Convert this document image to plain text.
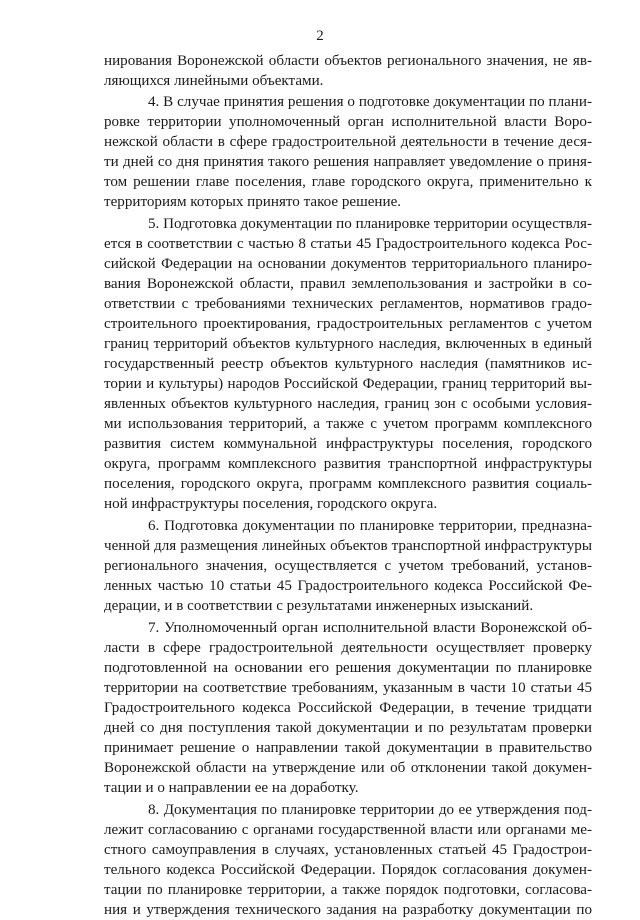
2
нирования Воронежской области объектов регионального значения, не яв-
ляющихся линейными объектами.
4. В случае принятия решения о подготовке документации по плани-
ровке территории уполномоченный орган исполнительной власти Воро-
нежской области в сфере градостроительной деятельности в течение деся-
ти дней со дня принятия такого решения направляет уведомление о приня-
том решении главе поселения, главе городского округа, применительно к
территориям которых принято такое решение.
5. Подготовка документации по планировке территории осуществля-
ется в соответствии с частью 8 статьи 45 Градостроительного кодекса Рос-
сийской Федерации на основании документов территориального планиро-
вания Воронежской области, правил землепользования и застройки в со-
ответствии с требованиями технических регламентов, нормативов градо-
строительного проектирования, градостроительных регламентов с учетом
границ территорий объектов культурного наследия, включенных в единый
государственный реестр объектов культурного наследия (памятников ис-
тории и культуры) народов Российской Федерации, границ территорий вы-
явленных объектов культурного наследия, границ зон с особыми условия-
ми использования территорий, а также с учетом программ комплексного
развития систем коммунальной инфраструктуры поселения, городского
округа, программ комплексного развития транспортной инфраструктуры
поселения, городского округа, программ комплексного развития социаль-
ной инфраструктуры поселения, городского округа.
6. Подготовка документации по планировке территории, предназна-
ченной для размещения линейных объектов транспортной инфраструктуры
регионального значения, осуществляется с учетом требований, установ-
ленных частью 10 статьи 45 Градостроительного кодекса Российской Фе-
дерации, и в соответствии с результатами инженерных изысканий.
7. Уполномоченный орган исполнительной власти Воронежской об-
ласти в сфере градостроительной деятельности осуществляет проверку
подготовленной на основании его решения документации по планировке
территории на соответствие требованиям, указанным в части 10 статьи 45
Градостроительного кодекса Российской Федерации, в течение тридцати
дней со дня поступления такой документации и по результатам проверки
принимает решение о направлении такой документации в правительство
Воронежской области на утверждение или об отклонении такой докумен-
тации и о направлении ее на доработку.
8. Документация по планировке территории до ее утверждения под-
лежит согласованию с органами государственной власти или органами ме-
стного самоуправления в случаях, установленных статьей 45 Градострои-
тельного кодекса Российской Федерации. Порядок согласования докумен-
тации по планировке территории, а также порядок подготовки, согласова-
ния и утверждения технического задания на разработку документации по
